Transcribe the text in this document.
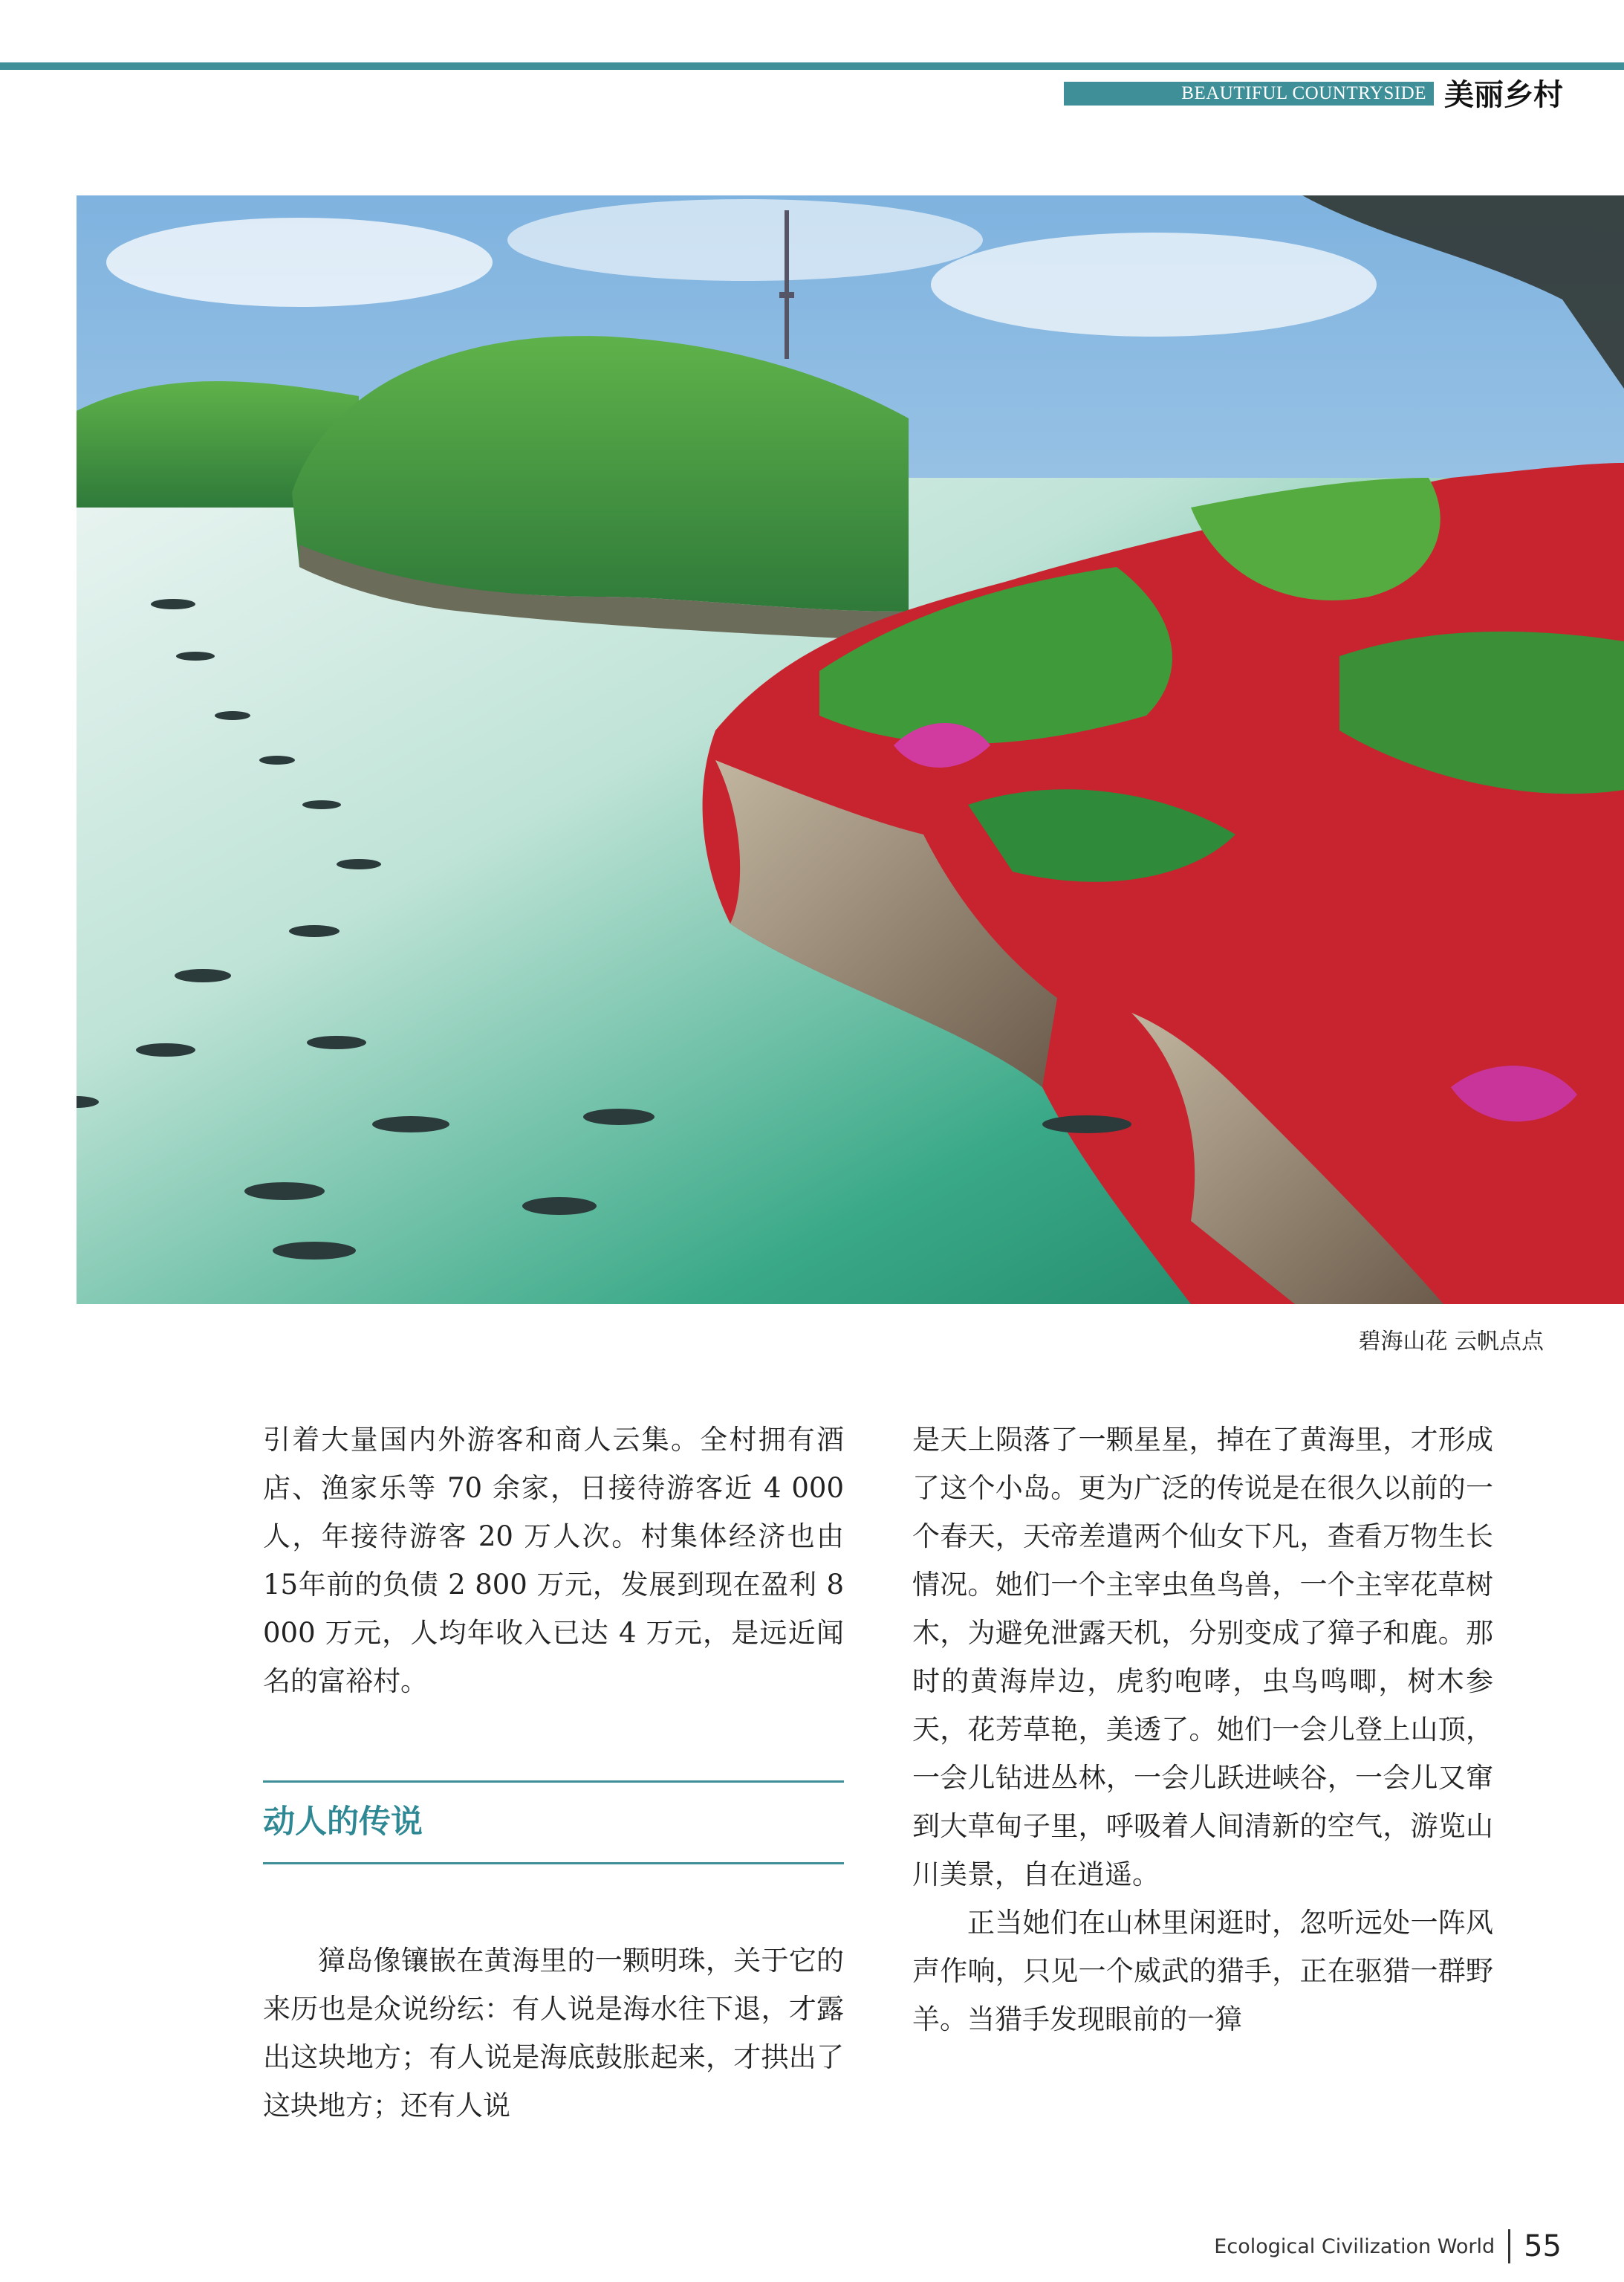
BEAUTIFUL COUNTRYSIDE 美丽乡村
碧海山花 云帆点点

引着大量国内外游客和商人云集。全村拥有酒店、渔家乐等 70 余家，日接待游客近 4 000人，年接待游客 20 万人次。村集体经济也由 15年前的负债 2 800 万元，发展到现在盈利 8 000 万元，人均年收入已达 4 万元，是远近闻名的富裕村。

动人的传说

獐岛像镶嵌在黄海里的一颗明珠，关于它的来历也是众说纷纭：有人说是海水往下退，才露出这块地方；有人说是海底鼓胀起来，才拱出了这块地方；还有人说

是天上陨落了一颗星星，掉在了黄海里，才形成了这个小岛。更为广泛的传说是在很久以前的一个春天，天帝差遣两个仙女下凡，查看万物生长情况。她们一个主宰虫鱼鸟兽，一个主宰花草树木，为避免泄露天机，分别变成了獐子和鹿。那时的黄海岸边，虎豹咆哮，虫鸟鸣唧，树木参天，花芳草艳，美透了。她们一会儿登上山顶，一会儿钻进丛林，一会儿跃进峡谷，一会儿又窜到大草甸子里，呼吸着人间清新的空气，游览山川美景，自在逍遥。

正当她们在山林里闲逛时，忽听远处一阵风声作响，只见一个威武的猎手，正在驱猎一群野羊。当猎手发现眼前的一獐

Ecological Civilization World 55
